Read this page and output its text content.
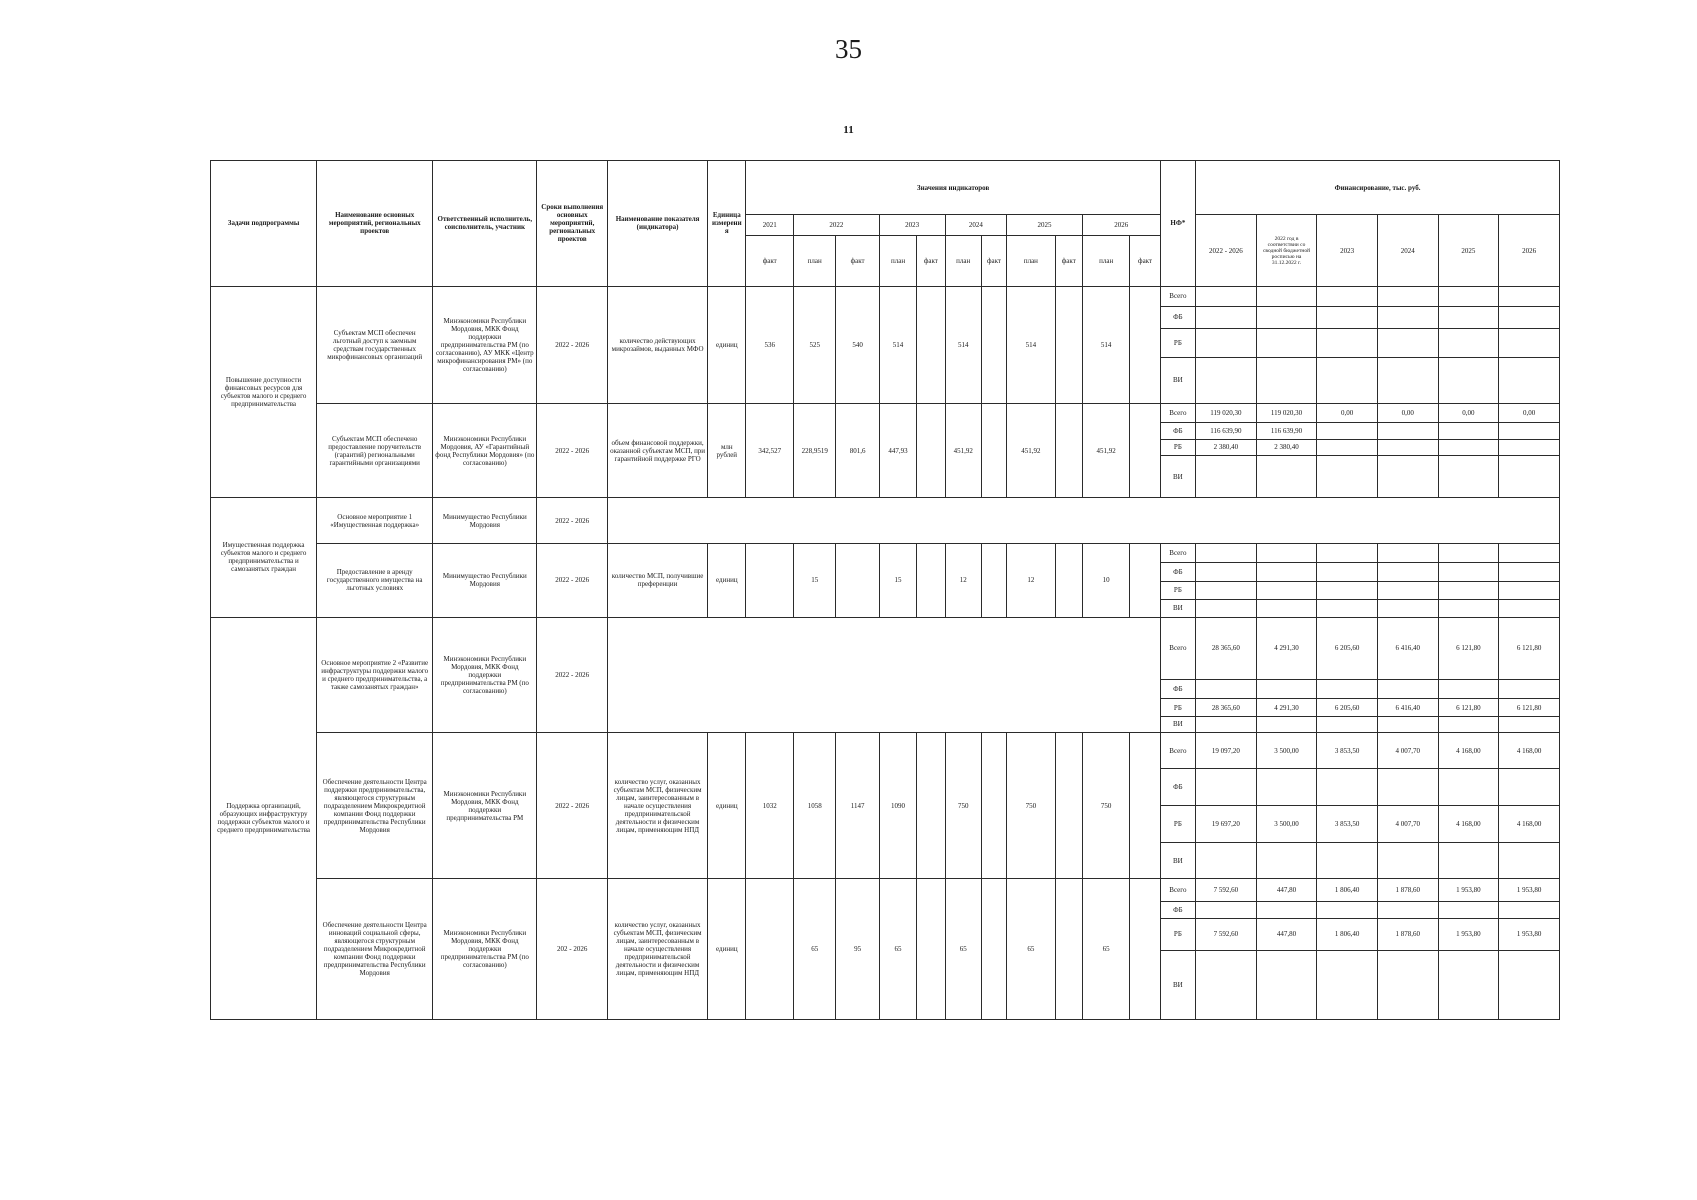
35
11
Задачи подпрограммы	Наименование основных мероприятий, региональных проектов	Ответственный исполнитель, соисполнитель, участник	Сроки выполнения основных мероприятий, региональных проектов	Наименование показателя (индикатора)	Единица измерения	Значения индикаторов											НФ*	Финансирование, тыс. руб.					
						2021	2022		2023		2024		2025		2026			2022 - 2026	2022 год в соответствии со сводной бюджетной росписью на 31.12.2022 г.	2023	2024	2025	2026
						факт	план	факт	план	факт	план	факт	план	факт	план	факт							
Повышение доступности финансовых ресурсов для субъектов малого и среднего предпринимательства	Субъектам МСП обеспечен льготный доступ к заемным средствам государственных микрофинансовых организаций	Минэкономики Республики Мордовия, МКК Фонд поддержки предпринимательства РМ (по согласованию), АУ МКК «Центр микрофинансирования РМ» (по согласованию)	2022 - 2026	количество действующих микрозаймов, выданных МФО	единиц	536	525	540	514		514		514		514		Всего						
																	ФБ						
																	РБ						
																	ВИ						
	Субъектам МСП обеспечено предоставление поручительств (гарантий) региональными гарантийными организациями	Минэкономики Республики Мордовия, АУ «Гарантийный фонд Республики Мордовия» (по согласованию)	2022 - 2026	объем финансовой поддержки, оказанной субъектам МСП, при гарантийной поддержке РГО	млн рублей	342,527	228,9519	801,6	447,93		451,92		451,92		451,92		Всего	119 020,30	119 020,30	0,00	0,00	0,00	0,00
																	ФБ	116 639,90	116 639,90				
																	РБ	2 380,40	2 380,40				
																	ВИ						
Имущественная поддержка субъектов малого и среднего предпринимательства и самозанятых граждан	Основное мероприятие 1 «Имущественная поддержка»	Минимущество Республики Мордовия	2022 - 2026																				
	Предоставление в аренду государственного имущества на льготных условиях	Минимущество Республики Мордовия	2022 - 2026	количество МСП, получившие преференции	единиц		15		15		12		12		10		Всего						
																	ФБ						
																	РБ						
																	ВИ						
Поддержка организаций, образующих инфраструктуру поддержки субъектов малого и среднего предпринимательства	Основное мероприятие 2 «Развитие инфраструктуры поддержки малого и среднего предпринимательства, а также самозанятых граждан»	Минэкономики Республики Мордовия, МКК Фонд поддержки предпринимательства РМ (по согласованию)	2022 - 2026														Всего	28 365,60	4 291,30	6 205,60	6 416,40	6 121,80	6 121,80
																	ФБ						
																	РБ	28 365,60	4 291,30	6 205,60	6 416,40	6 121,80	6 121,80
																	ВИ						
	Обеспечение деятельности Центра поддержки предпринимательства, являющегося структурным подразделением Микрокредитной компании Фонд поддержки предпринимательства Республики Мордовия	Минэкономики Республики Мордовия, МКК Фонд поддержки предпринимательства РМ	2022 - 2026	количество услуг, оказанных субъектам МСП, физическим лицам, заинтересованным в начале осуществления предпринимательской деятельности и физическим лицам, применяющим НПД	единиц	1032	1058	1147	1090		750		750		750		Всего	19 097,20	3 500,00	3 853,50	4 007,70	4 168,00	4 168,00
																	ФБ						
																	РБ	19 697,20	3 500,00	3 853,50	4 007,70	4 168,00	4 168,00
																	ВИ						
	Обеспечение деятельности Центра инноваций социальной сферы, являющегося структурным подразделением Микрокредитной компании Фонд поддержки предпринимательства Республики Мордовия	Минэкономики Республики Мордовия, МКК Фонд поддержки предпринимательства РМ (по согласованию)	202 - 2026	количество услуг, оказанных субъектам МСП, физическим лицам, заинтересованным в начале осуществления предпринимательской деятельности и физическим лицам, применяющим НПД	единиц		65	95	65		65		65		65		Всего	7 592,60	447,80	1 806,40	1 878,60	1 953,80	1 953,80
																	ФБ						
																	РБ	7 592,60	447,80	1 806,40	1 878,60	1 953,80	1 953,80
																	ВИ						
